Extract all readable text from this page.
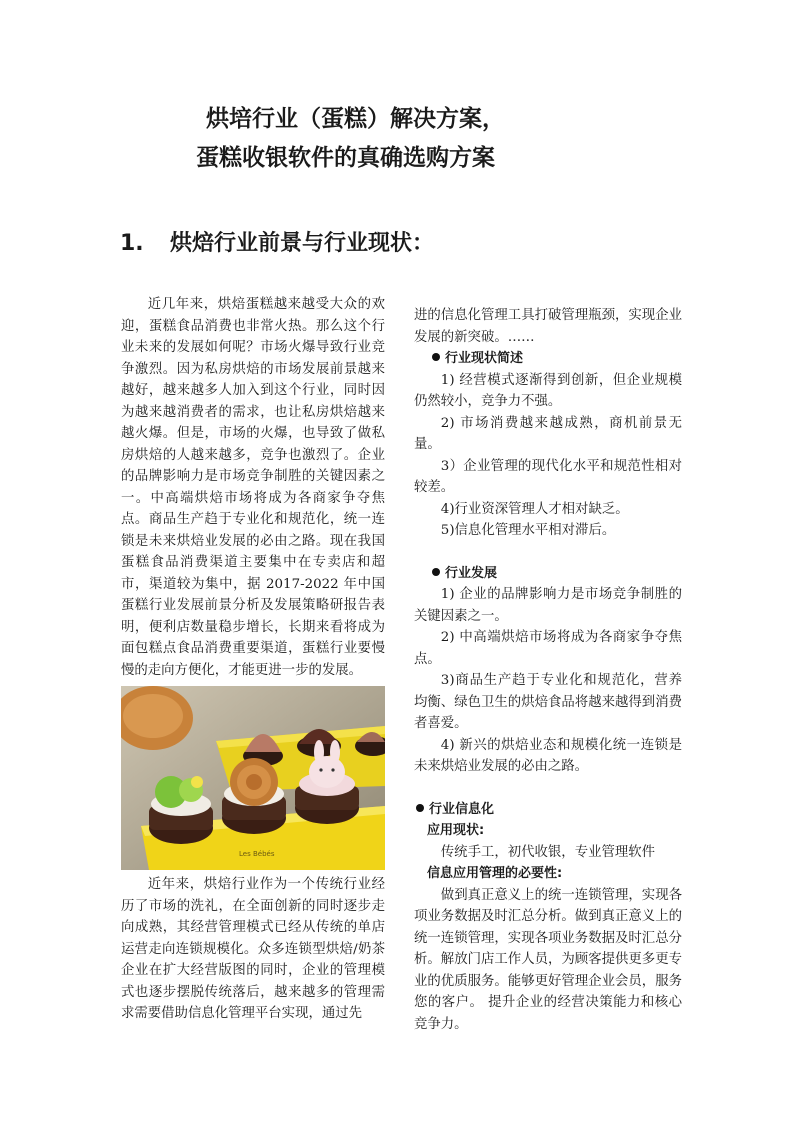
烘培行业（蛋糕）解决方案，
蛋糕收银软件的真确选购方案
1. 烘焙行业前景与行业现状：

近几年来，烘焙蛋糕越来越受大众的欢迎，蛋糕食品消费也非常火热。那么这个行业未来的发展如何呢？市场火爆导致行业竞争激烈。因为私房烘焙的市场发展前景越来越好，越来越多人加入到这个行业，同时因为越来越消费者的需求，也让私房烘焙越来越火爆。但是，市场的火爆，也导致了做私房烘焙的人越来越多，竞争也激烈了。企业的品牌影响力是市场竞争制胜的关键因素之一。中高端烘焙市场将成为各商家争夺焦点。商品生产趋于专业化和规范化，统一连锁是未来烘焙业发展的必由之路。现在我国蛋糕食品消费渠道主要集中在专卖店和超市，渠道较为集中，据 2017-2022 年中国蛋糕行业发展前景分析及发展策略研报告表明，便利店数量稳步增长，长期来看将成为面包糕点食品消费重要渠道，蛋糕行业要慢慢的走向方便化，才能更进一步的发展。

Les Bébés

近年来，烘焙行业作为一个传统行业经历了市场的洗礼，在全面创新的同时逐步走向成熟，其经营管理模式已经从传统的单店运营走向连锁规模化。众多连锁型烘焙/奶茶企业在扩大经营版图的同时，企业的管理模式也逐步摆脱传统落后，越来越多的管理需求需要借助信息化管理平台实现，通过先

进的信息化管理工具打破管理瓶颈，实现企业发展的新突破。……

行业现状简述

1) 经营模式逐渐得到创新，但企业规模仍然较小，竞争力不强。

2) 市场消费越来越成熟，商机前景无量。

3）企业管理的现代化水平和规范性相对较差。

4)行业资深管理人才相对缺乏。

5)信息化管理水平相对滞后。

行业发展

1) 企业的品牌影响力是市场竞争制胜的关键因素之一。

2) 中高端烘焙市场将成为各商家争夺焦点。

3)商品生产趋于专业化和规范化，营养均衡、绿色卫生的烘焙食品将越来越得到消费者喜爱。

4) 新兴的烘焙业态和规模化统一连锁是未来烘焙业发展的必由之路。

行业信息化
应用现状:

传统手工，初代收银，专业管理软件

信息应用管理的必要性:

做到真正意义上的统一连锁管理，实现各项业务数据及时汇总分析。做到真正意义上的统一连锁管理，实现各项业务数据及时汇总分析。解放门店工作人员，为顾客提供更多更专业的优质服务。能够更好管理企业会员，服务您的客户。 提升企业的经营决策能力和核心竞争力。
